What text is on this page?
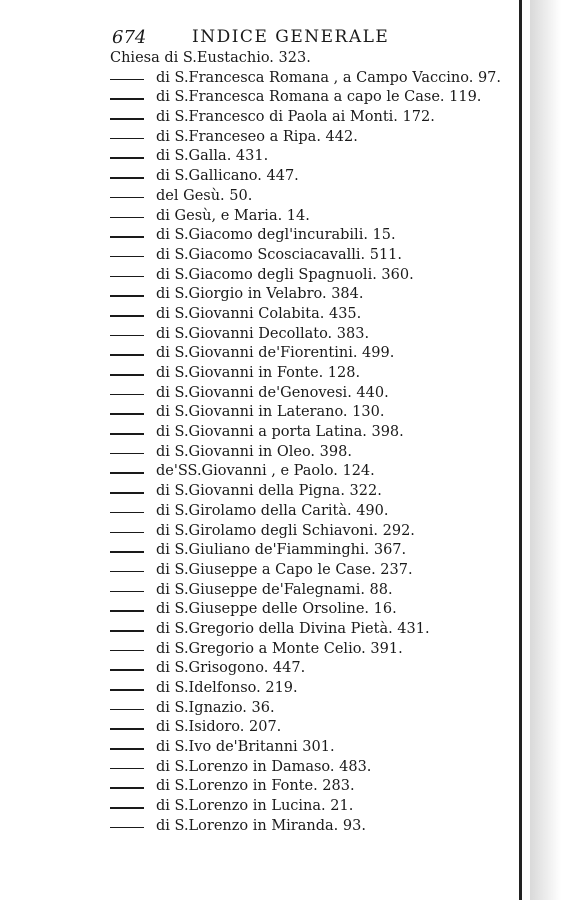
674	INDICE GENERALE
Chiesa di S.Eustachio. 323.
di S.Francesca Romana , a Campo Vaccino. 97.
di S.Francesca Romana a capo le Case. 119.
di S.Francesco di Paola ai Monti. 172.
di S.Franceseo a Ripa. 442.
di S.Galla. 431.
di S.Gallicano. 447.
del Gesù. 50.
di Gesù, e Maria. 14.
di S.Giacomo degl'incurabili. 15.
di S.Giacomo Scosciacavalli. 511.
di S.Giacomo degli Spagnuoli. 360.
di S.Giorgio in Velabro. 384.
di S.Giovanni Colabita. 435.
di S.Giovanni Decollato. 383.
di S.Giovanni de'Fiorentini. 499.
di S.Giovanni in Fonte. 128.
di S.Giovanni de'Genovesi. 440.
di S.Giovanni in Laterano. 130.
di S.Giovanni a porta Latina. 398.
di S.Giovanni in Oleo. 398.
de'SS.Giovanni , e Paolo. 124.
di S.Giovanni della Pigna. 322.
di S.Girolamo della Carità. 490.
di S.Girolamo degli Schiavoni. 292.
di S.Giuliano de'Fiamminghi. 367.
di S.Giuseppe a Capo le Case. 237.
di S.Giuseppe de'Falegnami. 88.
di S.Giuseppe delle Orsoline. 16.
di S.Gregorio della Divina Pietà. 431.
di S.Gregorio a Monte Celio. 391.
di S.Grisogono. 447.
di S.Idelfonso. 219.
di S.Ignazio. 36.
di S.Isidoro. 207.
di S.Ivo de'Britanni 301.
di S.Lorenzo in Damaso. 483.
di S.Lorenzo in Fonte. 283.
di S.Lorenzo in Lucina. 21.
di S.Lorenzo in Miranda. 93.
